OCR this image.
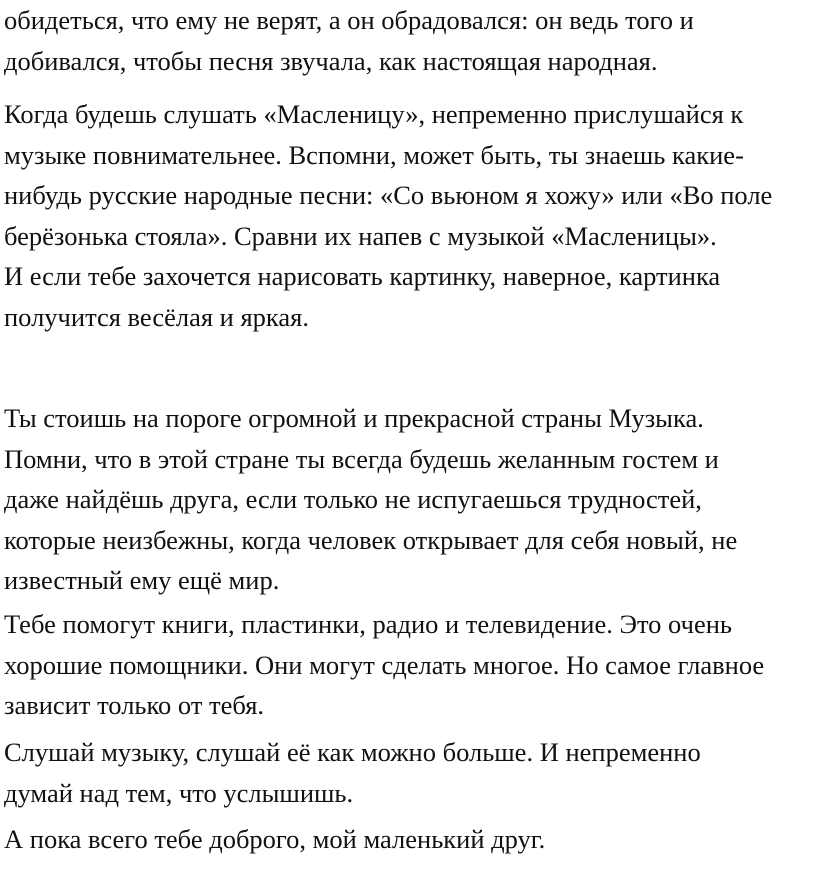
обидеться, что ему не верят, а он обрадовался: он ведь того и
добивался, чтобы песня звучала, как настоящая народная.

Когда будешь слушать «Масленицу», непременно прислушайся к
музыке повнимательнее. Вспомни, может быть, ты знаешь какие-
нибудь русские народные песни: «Со вьюном я хожу» или «Во поле
берёзонька стояла». Сравни их напев с музыкой «Масленицы».

И если тебе захочется нарисовать картинку, наверное, картинка
получится весёлая и яркая.

Ты стоишь на пороге огромной и прекрасной страны Музыка.
Помни, что в этой стране ты всегда будешь желанным гостем и
даже найдёшь друга, если только не испугаешься трудностей,
которые неизбежны, когда человек открывает для себя новый, не
известный ему ещё мир.

Тебе помогут книги, пластинки, радио и телевидение. Это очень
хорошие помощники. Они могут сделать многое. Но самое главное
зависит только от тебя.

Слушай музыку, слушай её как можно больше. И непременно
думай над тем, что услышишь.

А пока всего тебе доброго, мой маленький друг.
